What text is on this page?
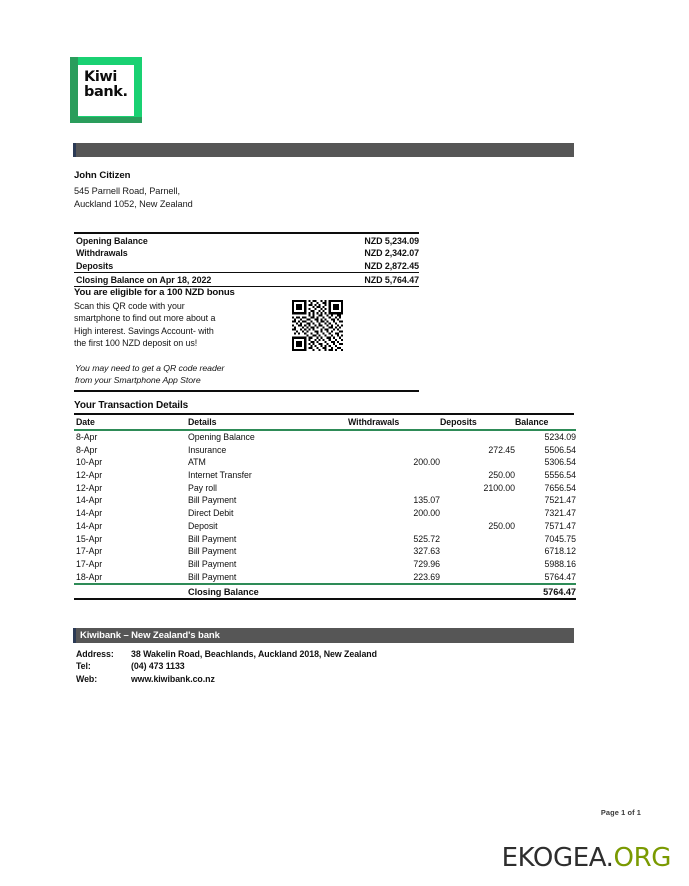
Kiwi
bank.
John Citizen
545 Parnell Road, Parnell,
Auckland 1052, New Zealand
Opening Balance	NZD 5,234.09
Withdrawals	NZD 2,342.07
Deposits	NZD 2,872.45
Closing Balance on Apr 18, 2022	NZD 5,764.47
You are eligible for a 100 NZD bonus
Scan this QR code with your
smartphone to find out more about a
High interest. Savings Account- with
the first 100 NZD deposit on us!
You may need to get a QR code reader
from your Smartphone App Store
Your Transaction Details
Date	Details	Withdrawals	Deposits	Balance
8-Apr	Opening Balance			5234.09
8-Apr	Insurance		272.45	5506.54
10-Apr	ATM	200.00		5306.54
12-Apr	Internet Transfer		250.00	5556.54
12-Apr	Pay roll		2100.00	7656.54
14-Apr	Bill Payment	135.07		7521.47
14-Apr	Direct Debit	200.00		7321.47
14-Apr	Deposit		250.00	7571.47
15-Apr	Bill Payment	525.72		7045.75
17-Apr	Bill Payment	327.63		6718.12
17-Apr	Bill Payment	729.96		5988.16
18-Apr	Bill Payment	223.69		5764.47
	Closing Balance			5764.47
Kiwibank – New Zealand's bank
Address:	38 Wakelin Road, Beachlands, Auckland 2018, New Zealand
Tel:	(04) 473 1133
Web:	www.kiwibank.co.nz
Page 1 of 1
EKOGEA.ORG
